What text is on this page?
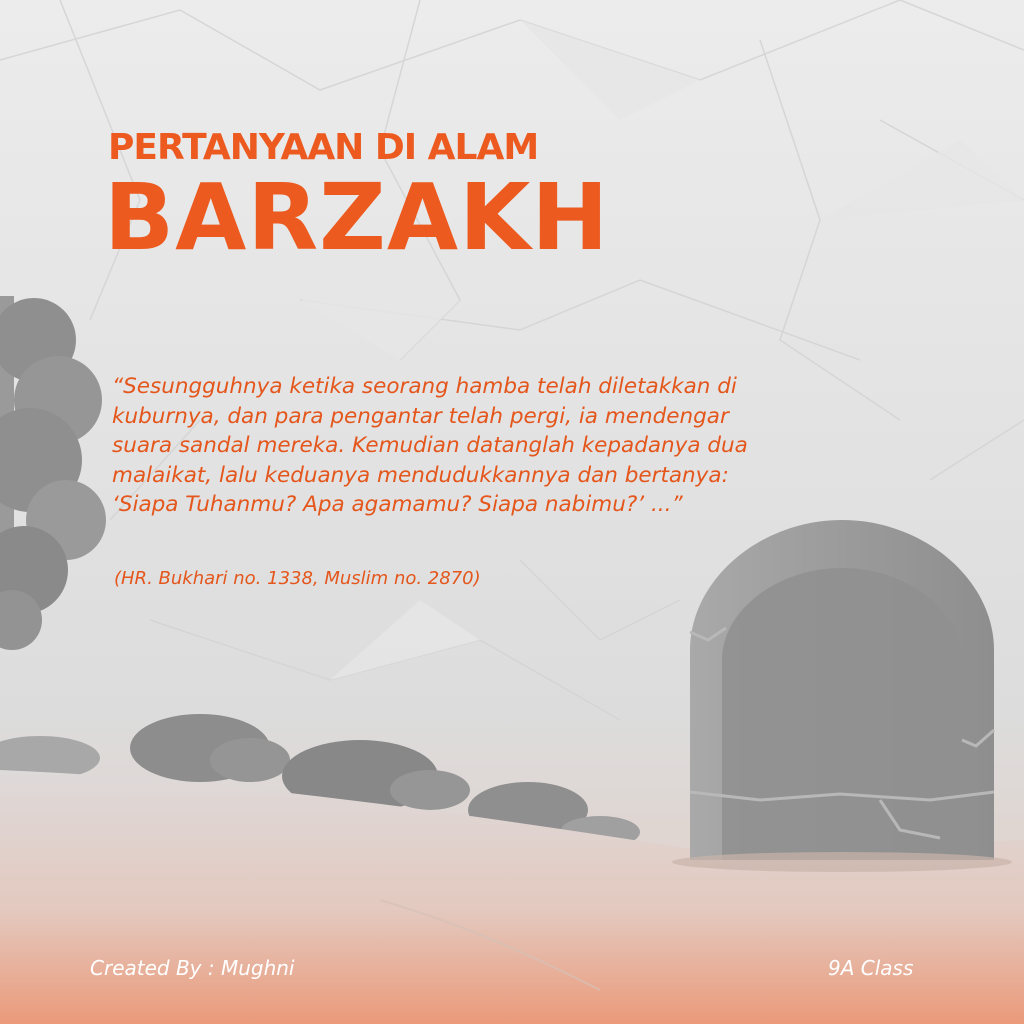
PERTANYAAN DI ALAM
BARZAKH

“Sesungguhnya ketika seorang hamba telah diletakkan di
kuburnya, dan para pengantar telah pergi, ia mendengar
suara sandal mereka. Kemudian datanglah kepadanya dua
malaikat, lalu keduanya mendudukkannya dan bertanya:
‘Siapa Tuhanmu? Apa agamamu? Siapa nabimu?’ ...”

(HR. Bukhari no. 1338, Muslim no. 2870)

Created By : Mughni	9A Class
